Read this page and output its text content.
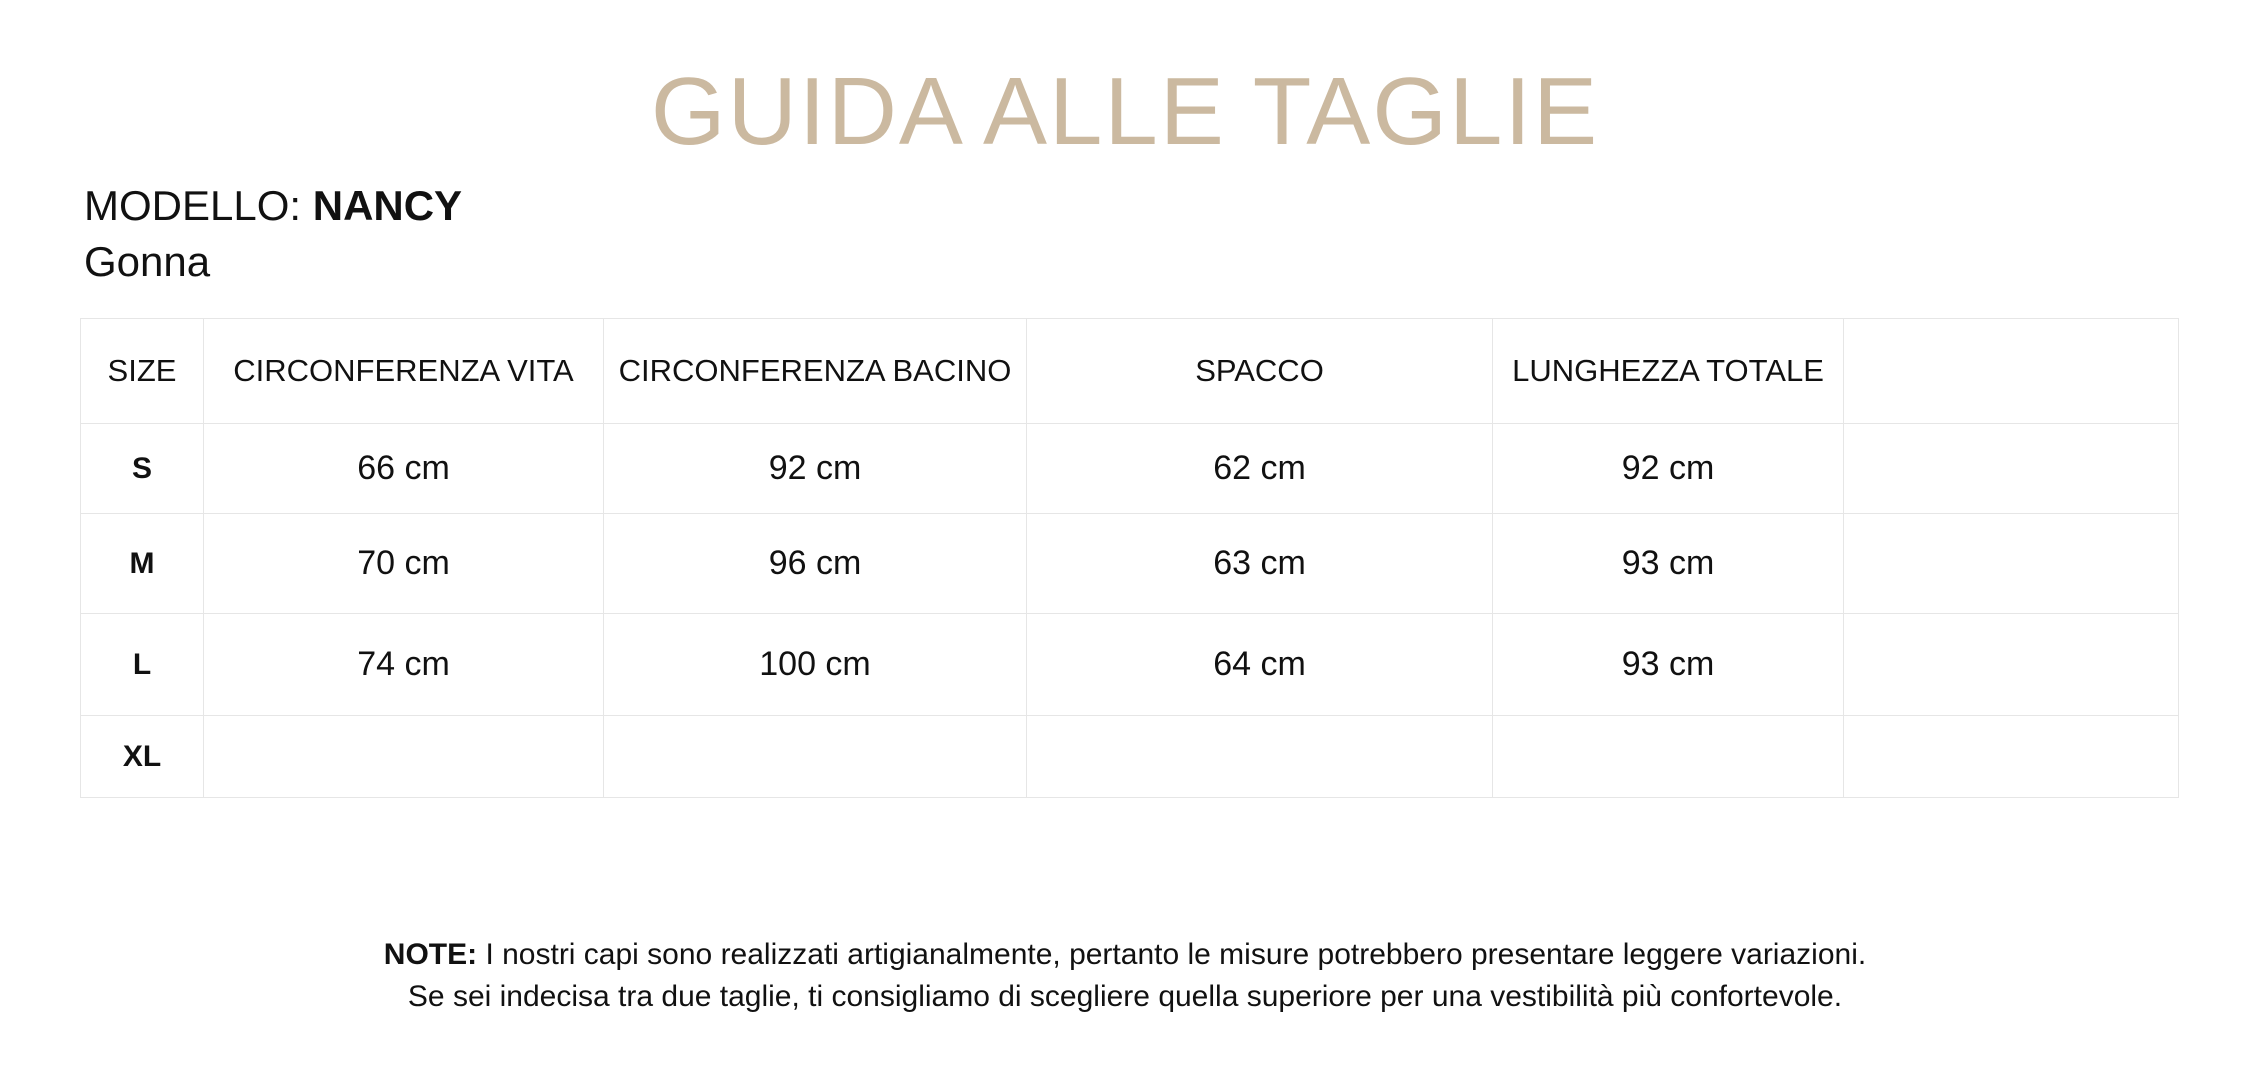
GUIDA ALLE TAGLIE
MODELLO: NANCY
Gonna
SIZE	CIRCONFERENZA VITA	CIRCONFERENZA BACINO	SPACCO	LUNGHEZZA TOTALE	
S	66 cm	92 cm	62 cm	92 cm	
M	70 cm	96 cm	63 cm	93 cm	
L	74 cm	100 cm	64 cm	93 cm	
XL					
NOTE: I nostri capi sono realizzati artigianalmente, pertanto le misure potrebbero presentare leggere variazioni.
Se sei indecisa tra due taglie, ti consigliamo di scegliere quella superiore per una vestibilità più confortevole.
